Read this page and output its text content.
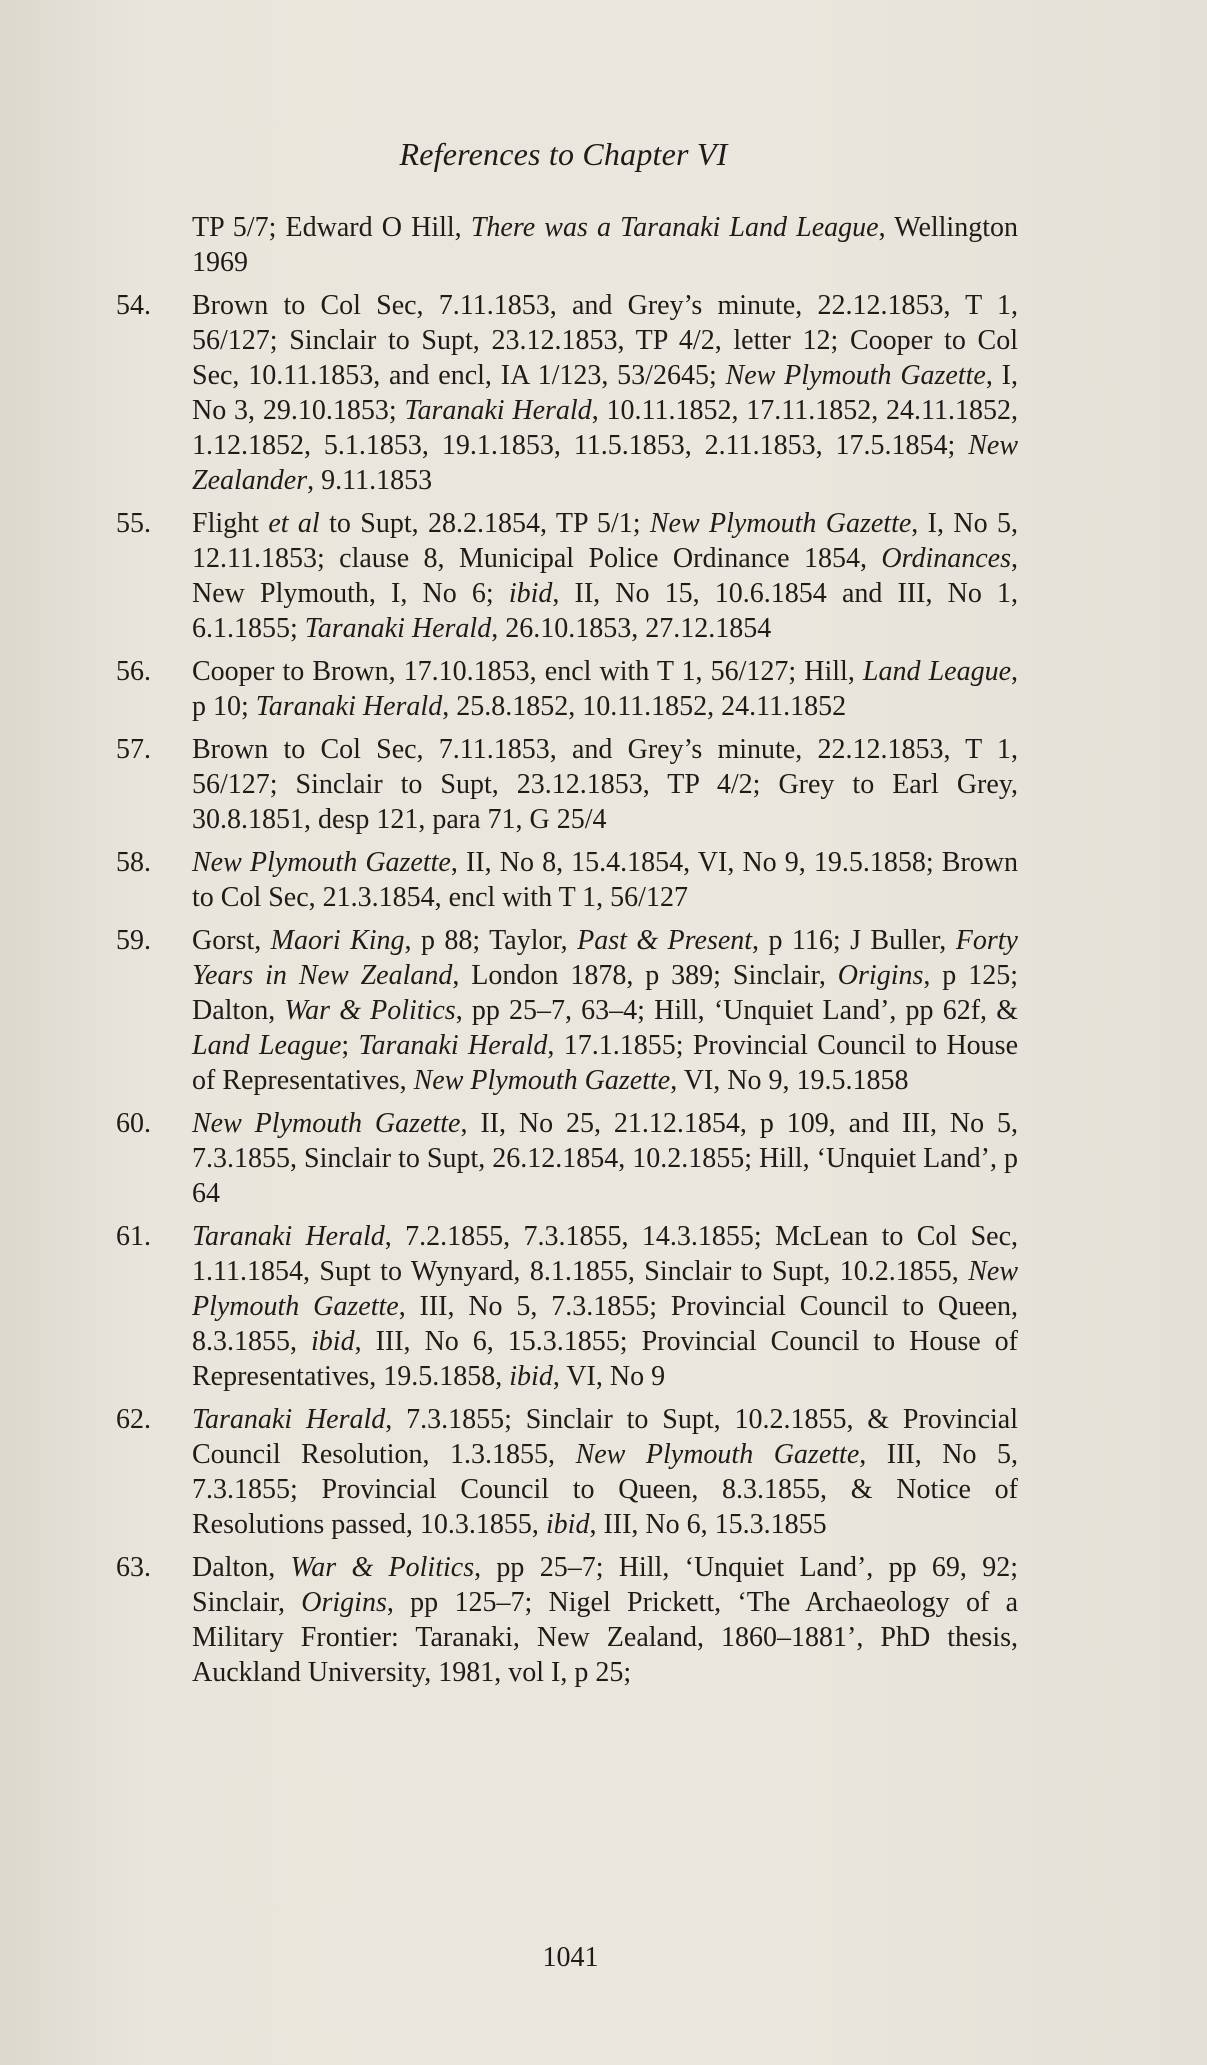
References to Chapter VI
TP 5/7; Edward O Hill, There was a Taranaki Land League, Wellington 1969
54. Brown to Col Sec, 7.11.1853, and Grey’s minute, 22.12.1853, T 1, 56/127; Sinclair to Supt, 23.12.1853, TP 4/2, letter 12; Cooper to Col Sec, 10.11.1853, and encl, IA 1/123, 53/2645; New Plymouth Gazette, I, No 3, 29.10.1853; Taranaki Herald, 10.11.1852, 17.11.1852, 24.11.1852, 1.12.1852, 5.1.1853, 19.1.1853, 11.5.1853, 2.11.1853, 17.5.1854; New Zealander, 9.11.1853
55. Flight et al to Supt, 28.2.1854, TP 5/1; New Plymouth Gazette, I, No 5, 12.11.1853; clause 8, Municipal Police Ordinance 1854, Ordinances, New Plymouth, I, No 6; ibid, II, No 15, 10.6.1854 and III, No 1, 6.1.1855; Taranaki Herald, 26.10.1853, 27.12.1854
56. Cooper to Brown, 17.10.1853, encl with T 1, 56/127; Hill, Land League, p 10; Taranaki Herald, 25.8.1852, 10.11.1852, 24.11.1852
57. Brown to Col Sec, 7.11.1853, and Grey’s minute, 22.12.1853, T 1, 56/127; Sinclair to Supt, 23.12.1853, TP 4/2; Grey to Earl Grey, 30.8.1851, desp 121, para 71, G 25/4
58. New Plymouth Gazette, II, No 8, 15.4.1854, VI, No 9, 19.5.1858; Brown to Col Sec, 21.3.1854, encl with T 1, 56/127
59. Gorst, Maori King, p 88; Taylor, Past & Present, p 116; J Buller, Forty Years in New Zealand, London 1878, p 389; Sinclair, Origins, p 125; Dalton, War & Politics, pp 25–7, 63–4; Hill, ‘Unquiet Land’, pp 62f, & Land League; Taranaki Herald, 17.1.1855; Provincial Council to House of Representatives, New Plymouth Gazette, VI, No 9, 19.5.1858
60. New Plymouth Gazette, II, No 25, 21.12.1854, p 109, and III, No 5, 7.3.1855, Sinclair to Supt, 26.12.1854, 10.2.1855; Hill, ‘Unquiet Land’, p 64
61. Taranaki Herald, 7.2.1855, 7.3.1855, 14.3.1855; McLean to Col Sec, 1.11.1854, Supt to Wynyard, 8.1.1855, Sinclair to Supt, 10.2.1855, New Plymouth Gazette, III, No 5, 7.3.1855; Provincial Council to Queen, 8.3.1855, ibid, III, No 6, 15.3.1855; Provincial Council to House of Representatives, 19.5.1858, ibid, VI, No 9
62. Taranaki Herald, 7.3.1855; Sinclair to Supt, 10.2.1855, & Provincial Council Resolution, 1.3.1855, New Plymouth Gazette, III, No 5, 7.3.1855; Provincial Council to Queen, 8.3.1855, & Notice of Resolutions passed, 10.3.1855, ibid, III, No 6, 15.3.1855
63. Dalton, War & Politics, pp 25–7; Hill, ‘Unquiet Land’, pp 69, 92; Sinclair, Origins, pp 125–7; Nigel Prickett, ‘The Archaeology of a Military Frontier: Taranaki, New Zealand, 1860–1881’, PhD thesis, Auckland University, 1981, vol I, p 25;
1041
